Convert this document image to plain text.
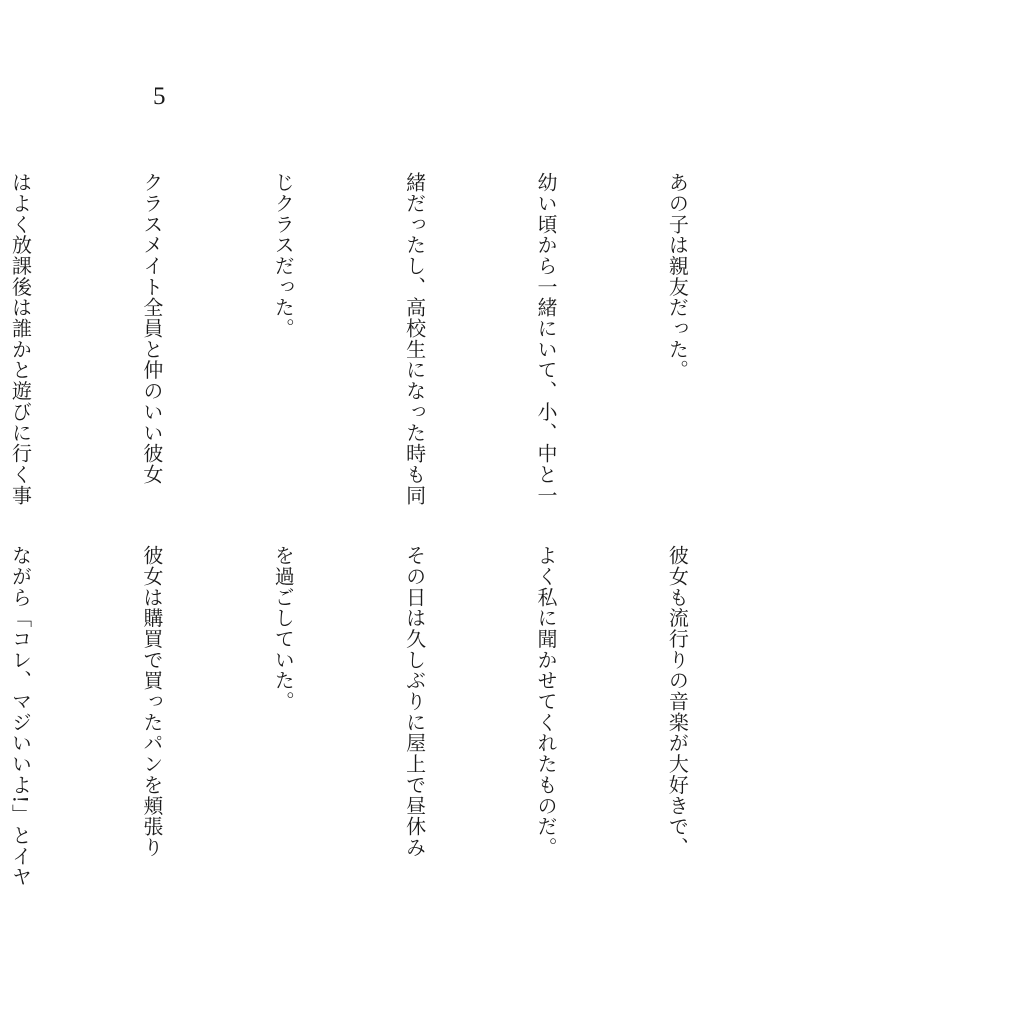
5

あの子は親友だった。

幼い頃から一緒にいて、小、中と一

緒だったし、高校生になった時も同

じクラスだった。

クラスメイト全員と仲のいい彼女

はよく放課後は誰かと遊びに行く事

彼女も流行りの音楽が大好きで、

よく私に聞かせてくれたものだ。

その日は久しぶりに屋上で昼休み

を過ごしていた。

彼女は購買で買ったパンを頬張り

ながら「コレ、マジいいよ!」とイヤ
